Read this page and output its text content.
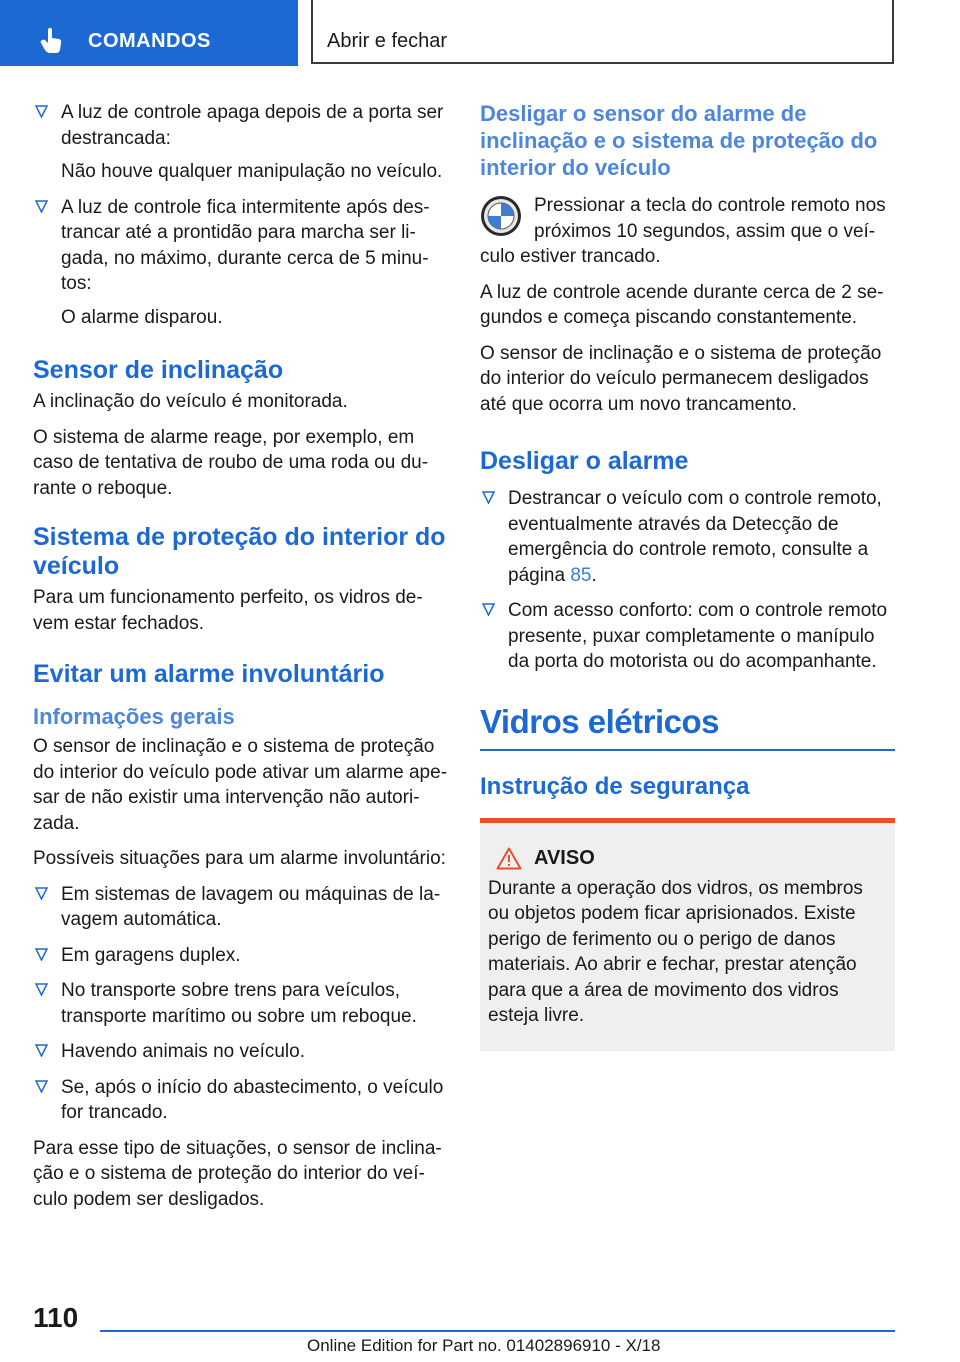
COMANDOS	Abrir e fechar

A luz de controle apaga depois de a porta ser destrancada:

Não houve qualquer manipulação no veículo.

A luz de controle fica intermitente após destrancar até a prontidão para marcha ser ligada, no máximo, durante cerca de 5 minutos:

O alarme disparou.

Sensor de inclinação

A inclinação do veículo é monitorada.

O sistema de alarme reage, por exemplo, em caso de tentativa de roubo de uma roda ou durante o reboque.

Sistema de proteção do interior do veículo

Para um funcionamento perfeito, os vidros devem estar fechados.

Evitar um alarme involuntário
Informações gerais

O sensor de inclinação e o sistema de proteção do interior do veículo pode ativar um alarme apesar de não existir uma intervenção não autorizada.

Possíveis situações para um alarme involuntário:

Em sistemas de lavagem ou máquinas de lavagem automática.

Em garagens duplex.

No transporte sobre trens para veículos, transporte marítimo ou sobre um reboque.

Havendo animais no veículo.

Se, após o início do abastecimento, o veículo for trancado.

Para esse tipo de situações, o sensor de inclinação e o sistema de proteção do interior do veículo podem ser desligados.

Desligar o sensor do alarme de inclinação e o sistema de proteção do interior do veículo

Pressionar a tecla do controle remoto nos próximos 10 segundos, assim que o veículo estiver trancado.

A luz de controle acende durante cerca de 2 segundos e começa piscando constantemente.

O sensor de inclinação e o sistema de proteção do interior do veículo permanecem desligados até que ocorra um novo trancamento.

Desligar o alarme

Destrancar o veículo com o controle remoto, eventualmente através da Detecção de emergência do controle remoto, consulte a página 85.

Com acesso conforto: com o controle remoto presente, puxar completamente o manípulo da porta do motorista ou do acompanhante.

Vidros elétricos
Instrução de segurança
AVISO

Durante a operação dos vidros, os membros ou objetos podem ficar aprisionados. Existe perigo de ferimento ou o perigo de danos materiais. Ao abrir e fechar, prestar atenção para que a área de movimento dos vidros esteja livre.

110
Online Edition for Part no. 01402896910 - X/18
